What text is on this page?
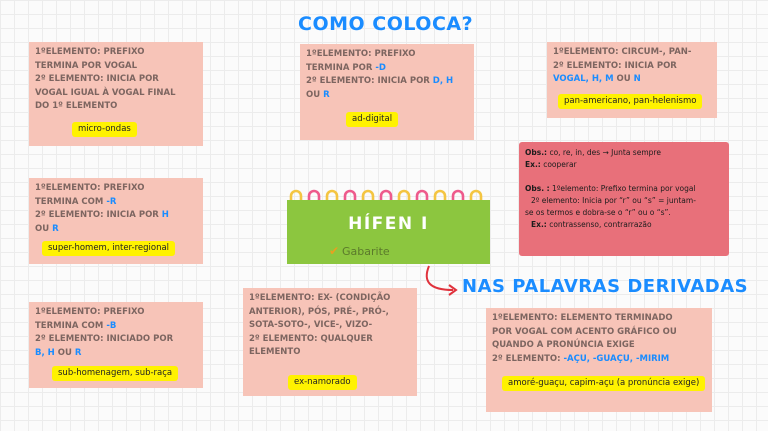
COMO COLOCA?
NAS PALAVRAS DERIVADAS
1ºELEMENTO: PREFIXO
TERMINA POR VOGAL
2º ELEMENTO: INICIA POR
VOGAL IGUAL À VOGAL FINAL
DO 1º ELEMENTO
micro-ondas
1ºELEMENTO: PREFIXO
TERMINA POR -D
2º ELEMENTO: INICIA POR D, H
OU R
ad-digital
1ºELEMENTO: CIRCUM-, PAN-
2º ELEMENTO: INICIA POR
VOGAL, H, M OU N
pan-americano, pan-helenismo
Obs.: co, re, in, des → Junta sempre
Ex.: cooperar
Obs. : 1ºelemento: Prefixo termina por vogal
2º elemento: Inicia por “r” ou “s” = juntam-
se os termos e dobra-se o “r” ou o “s”.
Ex.: contrassenso, contrarrazão
1ºELEMENTO: PREFIXO
TERMINA COM -R
2º ELEMENTO: INICIA POR H
OU R
super-homem, inter-regional
HÍFEN I
✔ Gabarite
1ºELEMENTO: PREFIXO
TERMINA COM -B
2º ELEMENTO: INICIADO POR
B, H OU R
sub-homenagem, sub-raça
1ºELEMENTO: EX- (CONDIÇÃO
ANTERIOR), PÓS, PRÉ-, PRÓ-,
SOTA-SOTO-, VICE-, VIZO-
2º ELEMENTO: QUALQUER
ELEMENTO
ex-namorado
1ºELEMENTO: ELEMENTO TERMINADO
POR VOGAL COM ACENTO GRÁFICO OU
QUANDO A PRONÚNCIA EXIGE
2º ELEMENTO: -AÇU, -GUAÇU, -MIRIM
amoré-guaçu, capim-açu (a pronúncia exige)
